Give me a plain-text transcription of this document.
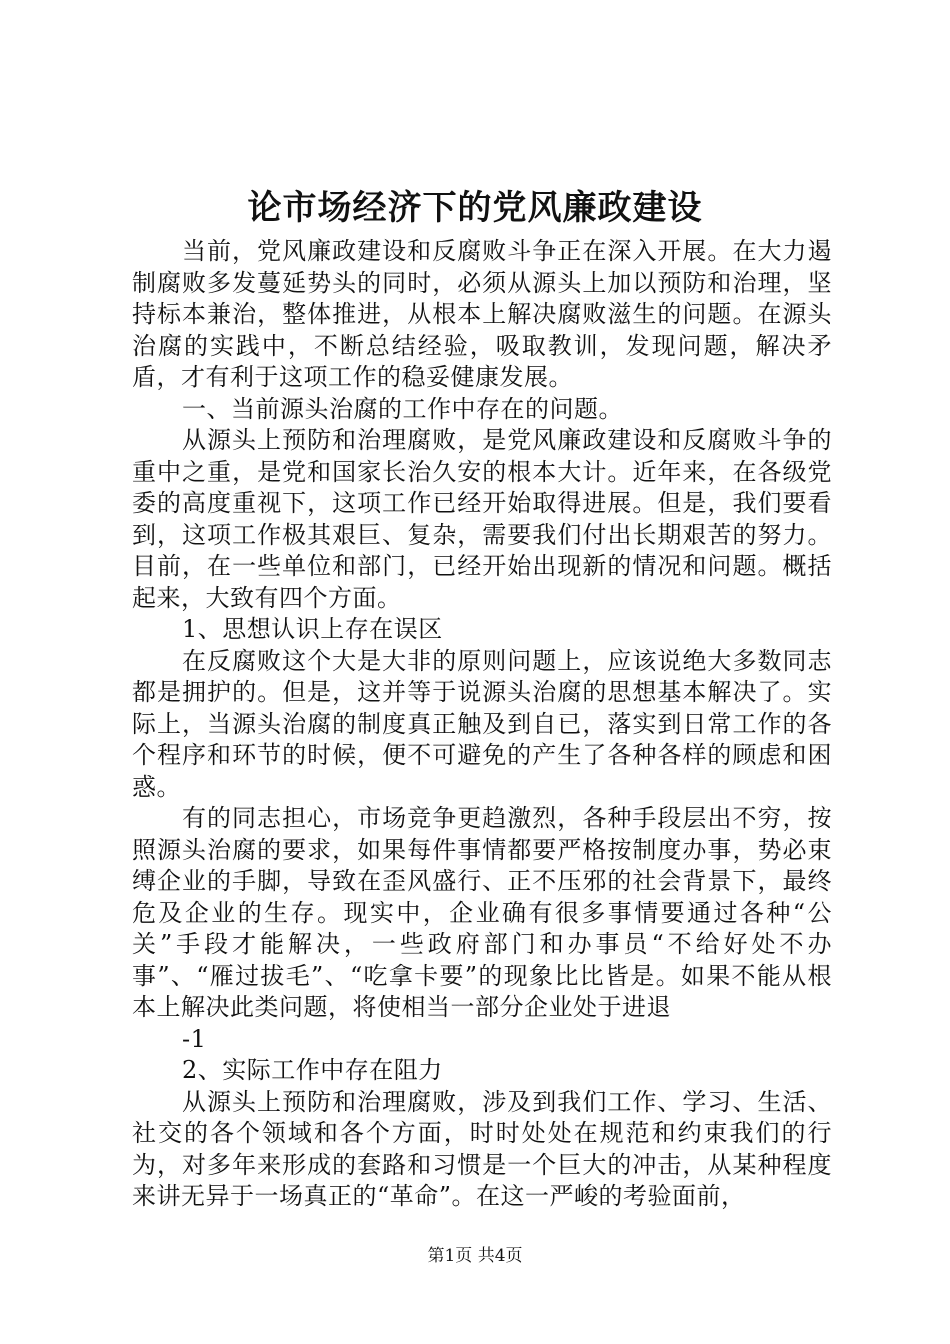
论市场经济下的党风廉政建设

当前，党风廉政建设和反腐败斗争正在深入开展。在大力遏制腐败多发蔓延势头的同时，必须从源头上加以预防和治理，坚持标本兼治，整体推进，从根本上解决腐败滋生的问题。在源头治腐的实践中，不断总结经验，吸取教训，发现问题，解决矛盾，才有利于这项工作的稳妥健康发展。

一、当前源头治腐的工作中存在的问题。

从源头上预防和治理腐败，是党风廉政建设和反腐败斗争的重中之重，是党和国家长治久安的根本大计。近年来，在各级党委的高度重视下，这项工作已经开始取得进展。但是，我们要看到，这项工作极其艰巨、复杂，需要我们付出长期艰苦的努力。目前，在一些单位和部门，已经开始出现新的情况和问题。概括起来，大致有四个方面。

1、思想认识上存在误区

在反腐败这个大是大非的原则问题上，应该说绝大多数同志都是拥护的。但是，这并等于说源头治腐的思想基本解决了。实际上，当源头治腐的制度真正触及到自已，落实到日常工作的各个程序和环节的时候，便不可避免的产生了各种各样的顾虑和困惑。

有的同志担心，市场竞争更趋激烈，各种手段层出不穷，按照源头治腐的要求，如果每件事情都要严格按制度办事，势必束缚企业的手脚，导致在歪风盛行、正不压邪的社会背景下，最终危及企业的生存。现实中，企业确有很多事情要通过各种“公关”手段才能解决，一些政府部门和办事员“不给好处不办事”、“雁过拔毛”、“吃拿卡要”的现象比比皆是。如果不能从根本上解决此类问题，将使相当一部分企业处于进退

-1

2、实际工作中存在阻力

从源头上预防和治理腐败，涉及到我们工作、学习、生活、社交的各个领域和各个方面，时时处处在规范和约束我们的行为，对多年来形成的套路和习惯是一个巨大的冲击，从某种程度来讲无异于一场真正的“革命”。在这一严峻的考验面前，

第1页 共4页
